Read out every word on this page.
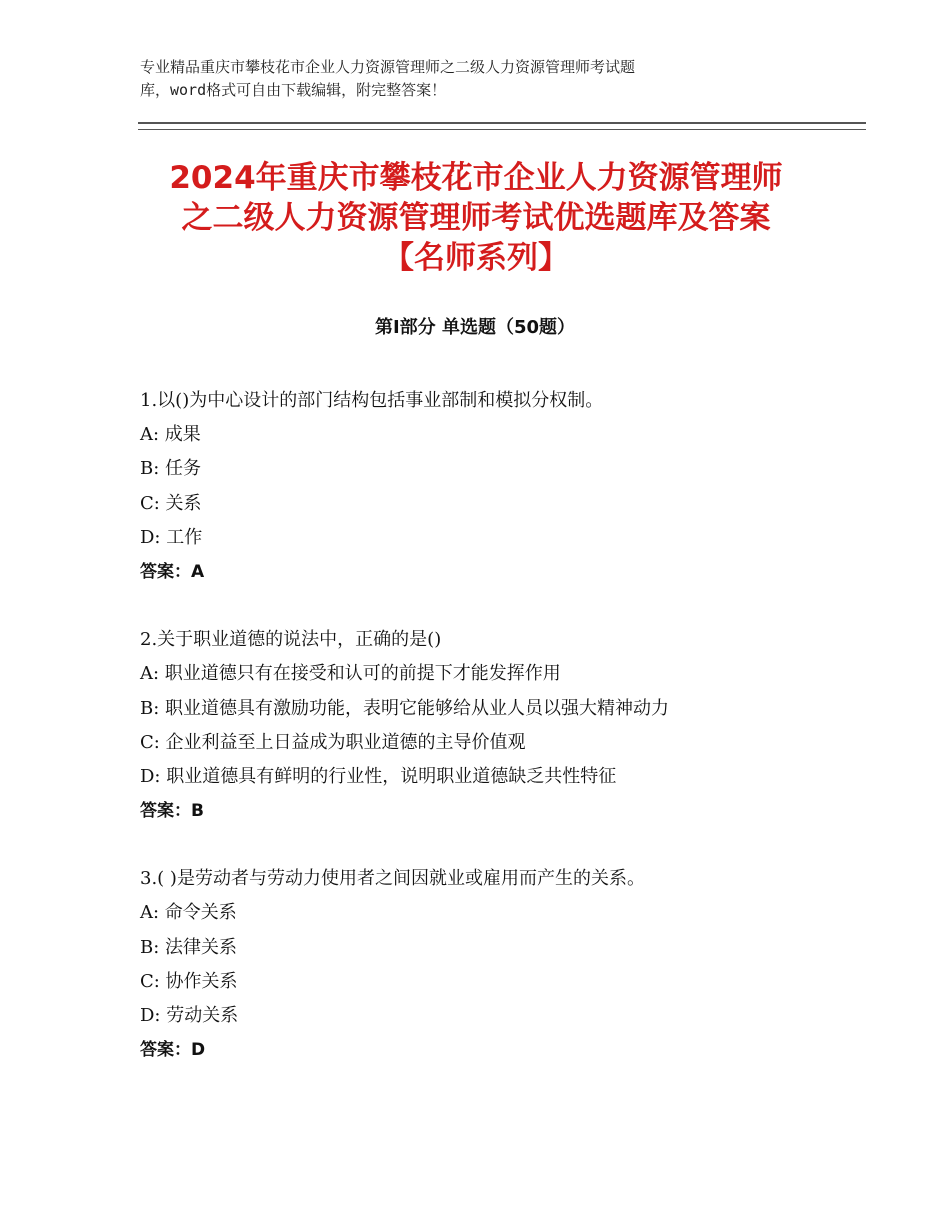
专业精品重庆市攀枝花市企业人力资源管理师之二级人力资源管理师考试题
库，word格式可自由下载编辑，附完整答案！
2024年重庆市攀枝花市企业人力资源管理师
之二级人力资源管理师考试优选题库及答案
【名师系列】
第Ⅰ部分 单选题（50题）
1.以()为中心设计的部门结构包括事业部制和模拟分权制。
A: 成果
B: 任务
C: 关系
D: 工作
答案：A
2.关于职业道德的说法中，正确的是()
A: 职业道德只有在接受和认可的前提下才能发挥作用
B: 职业道德具有激励功能，表明它能够给从业人员以强大精神动力
C: 企业利益至上日益成为职业道德的主导价值观
D: 职业道德具有鲜明的行业性，说明职业道德缺乏共性特征
答案：B
3.( )是劳动者与劳动力使用者之间因就业或雇用而产生的关系。
A: 命令关系
B: 法律关系
C: 协作关系
D: 劳动关系
答案：D
